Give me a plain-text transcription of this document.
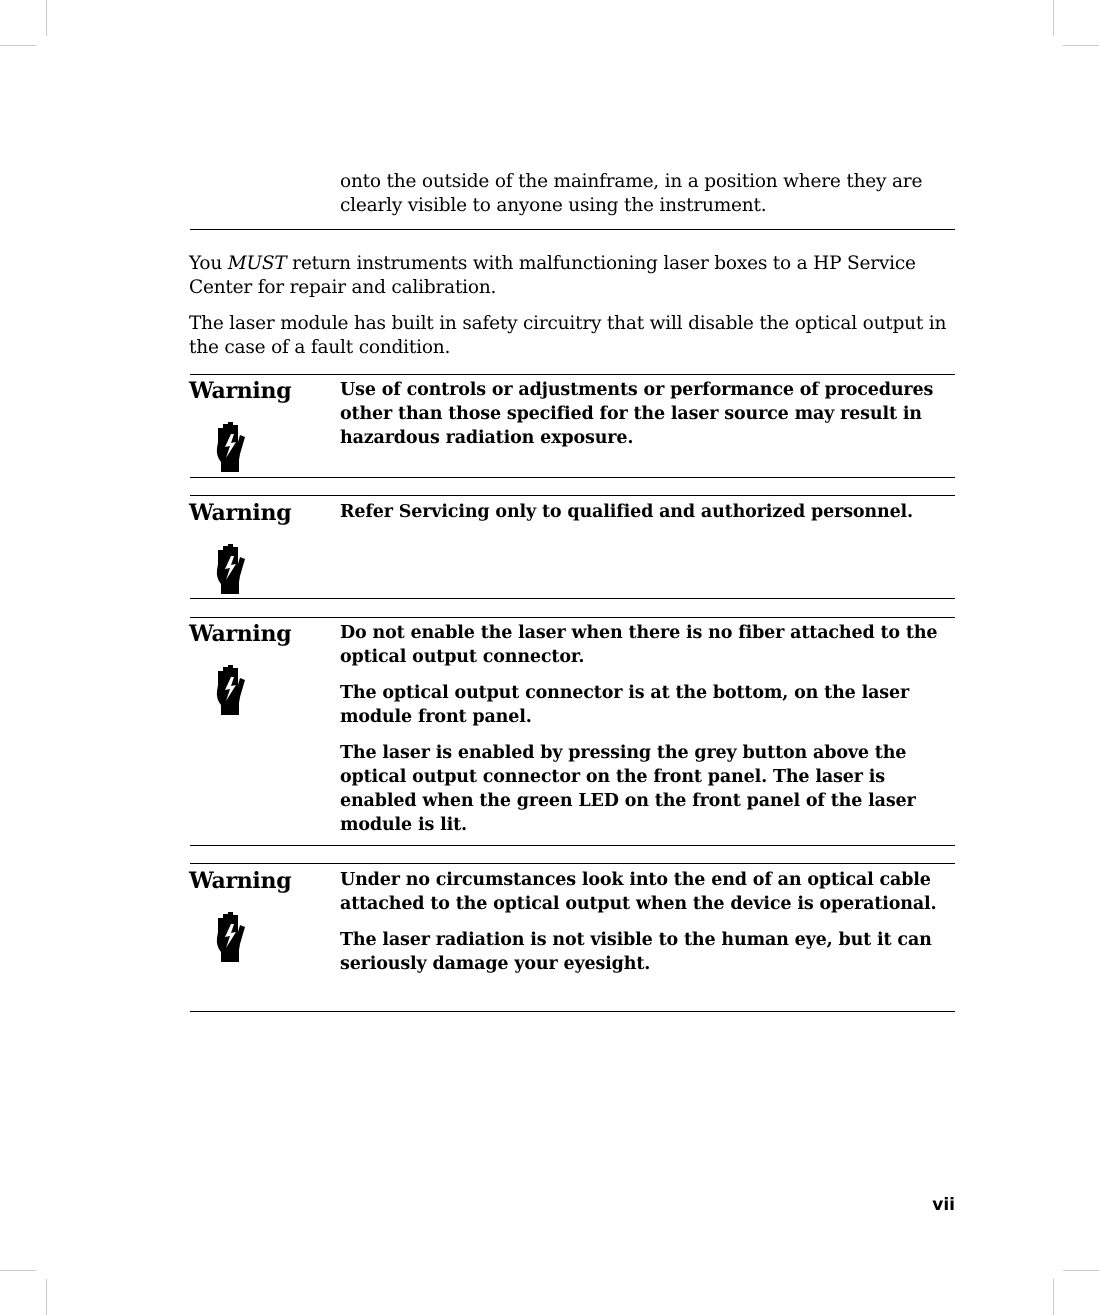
onto the outside of the mainframe, in a position where they are clearly visible to anyone using the instrument.
You MUST return instruments with malfunctioning laser boxes to a HP Service Center for repair and calibration.
The laser module has built in safety circuitry that will disable the optical output in the case of a fault condition.
Warning	Use of controls or adjustments or performance of procedures other than those specified for the laser source may result in hazardous radiation exposure.

Warning	Refer Servicing only to qualified and authorized personnel.

Warning	Do not enable the laser when there is no fiber attached to the optical output connector.

The optical output connector is at the bottom, on the laser module front panel.

The laser is enabled by pressing the grey button above the optical output connector on the front panel. The laser is enabled when the green LED on the front panel of the laser module is lit.

Warning	Under no circumstances look into the end of an optical cable attached to the optical output when the device is operational.

The laser radiation is not visible to the human eye, but it can seriously damage your eyesight.

vii
